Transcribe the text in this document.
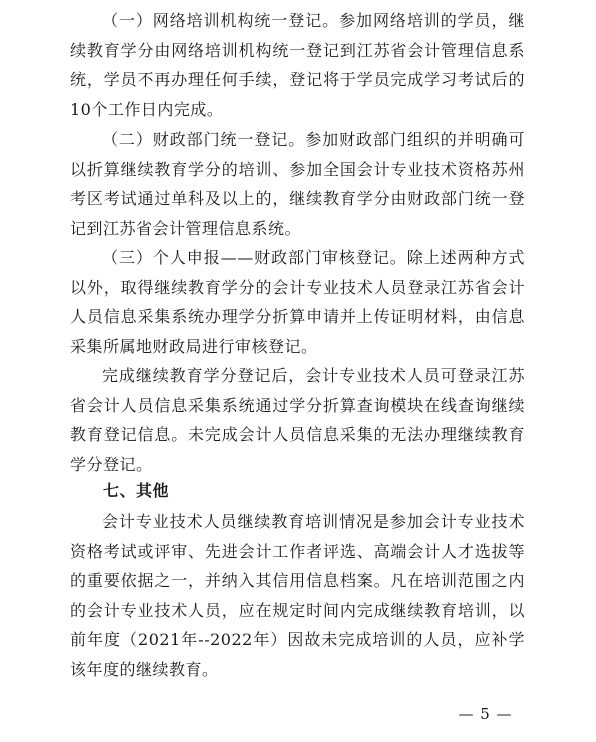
（一）网络培训机构统一登记。参加网络培训的学员，继续教育学分由网络培训机构统一登记到江苏省会计管理信息系统，学员不再办理任何手续，登记将于学员完成学习考试后的10个工作日内完成。

（二）财政部门统一登记。参加财政部门组织的并明确可以折算继续教育学分的培训、参加全国会计专业技术资格苏州考区考试通过单科及以上的，继续教育学分由财政部门统一登记到江苏省会计管理信息系统。

（三）个人申报——财政部门审核登记。除上述两种方式以外，取得继续教育学分的会计专业技术人员登录江苏省会计人员信息采集系统办理学分折算申请并上传证明材料，由信息采集所属地财政局进行审核登记。

完成继续教育学分登记后，会计专业技术人员可登录江苏省会计人员信息采集系统通过学分折算查询模块在线查询继续教育登记信息。未完成会计人员信息采集的无法办理继续教育学分登记。

七、其他

会计专业技术人员继续教育培训情况是参加会计专业技术资格考试或评审、先进会计工作者评选、高端会计人才选拔等的重要依据之一，并纳入其信用信息档案。凡在培训范围之内的会计专业技术人员，应在规定时间内完成继续教育培训，以前年度（2021年--2022年）因故未完成培训的人员，应补学该年度的继续教育。

— 5 —
